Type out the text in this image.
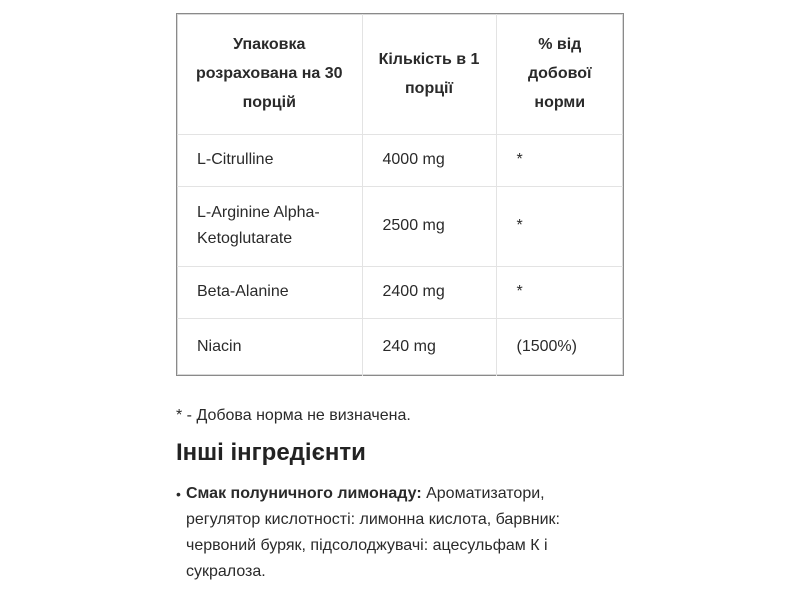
Упаковка розрахована на 30 порцій	Кількість в 1 порції	% від добової норми
L-Citrulline	4000 mg	*
L-Arginine Alpha-Ketoglutarate	2500 mg	*
Beta-Alanine	2400 mg	*
Niacin	240 mg	(1500%)
* - Добова норма не визначена.
Інші інгредієнти
• Смак полуничного лимонаду: Ароматизатори, регулятор кислотності: лимонна кислота, барвник: червоний буряк, підсолоджувачі: ацесульфам К і сукралоза.
